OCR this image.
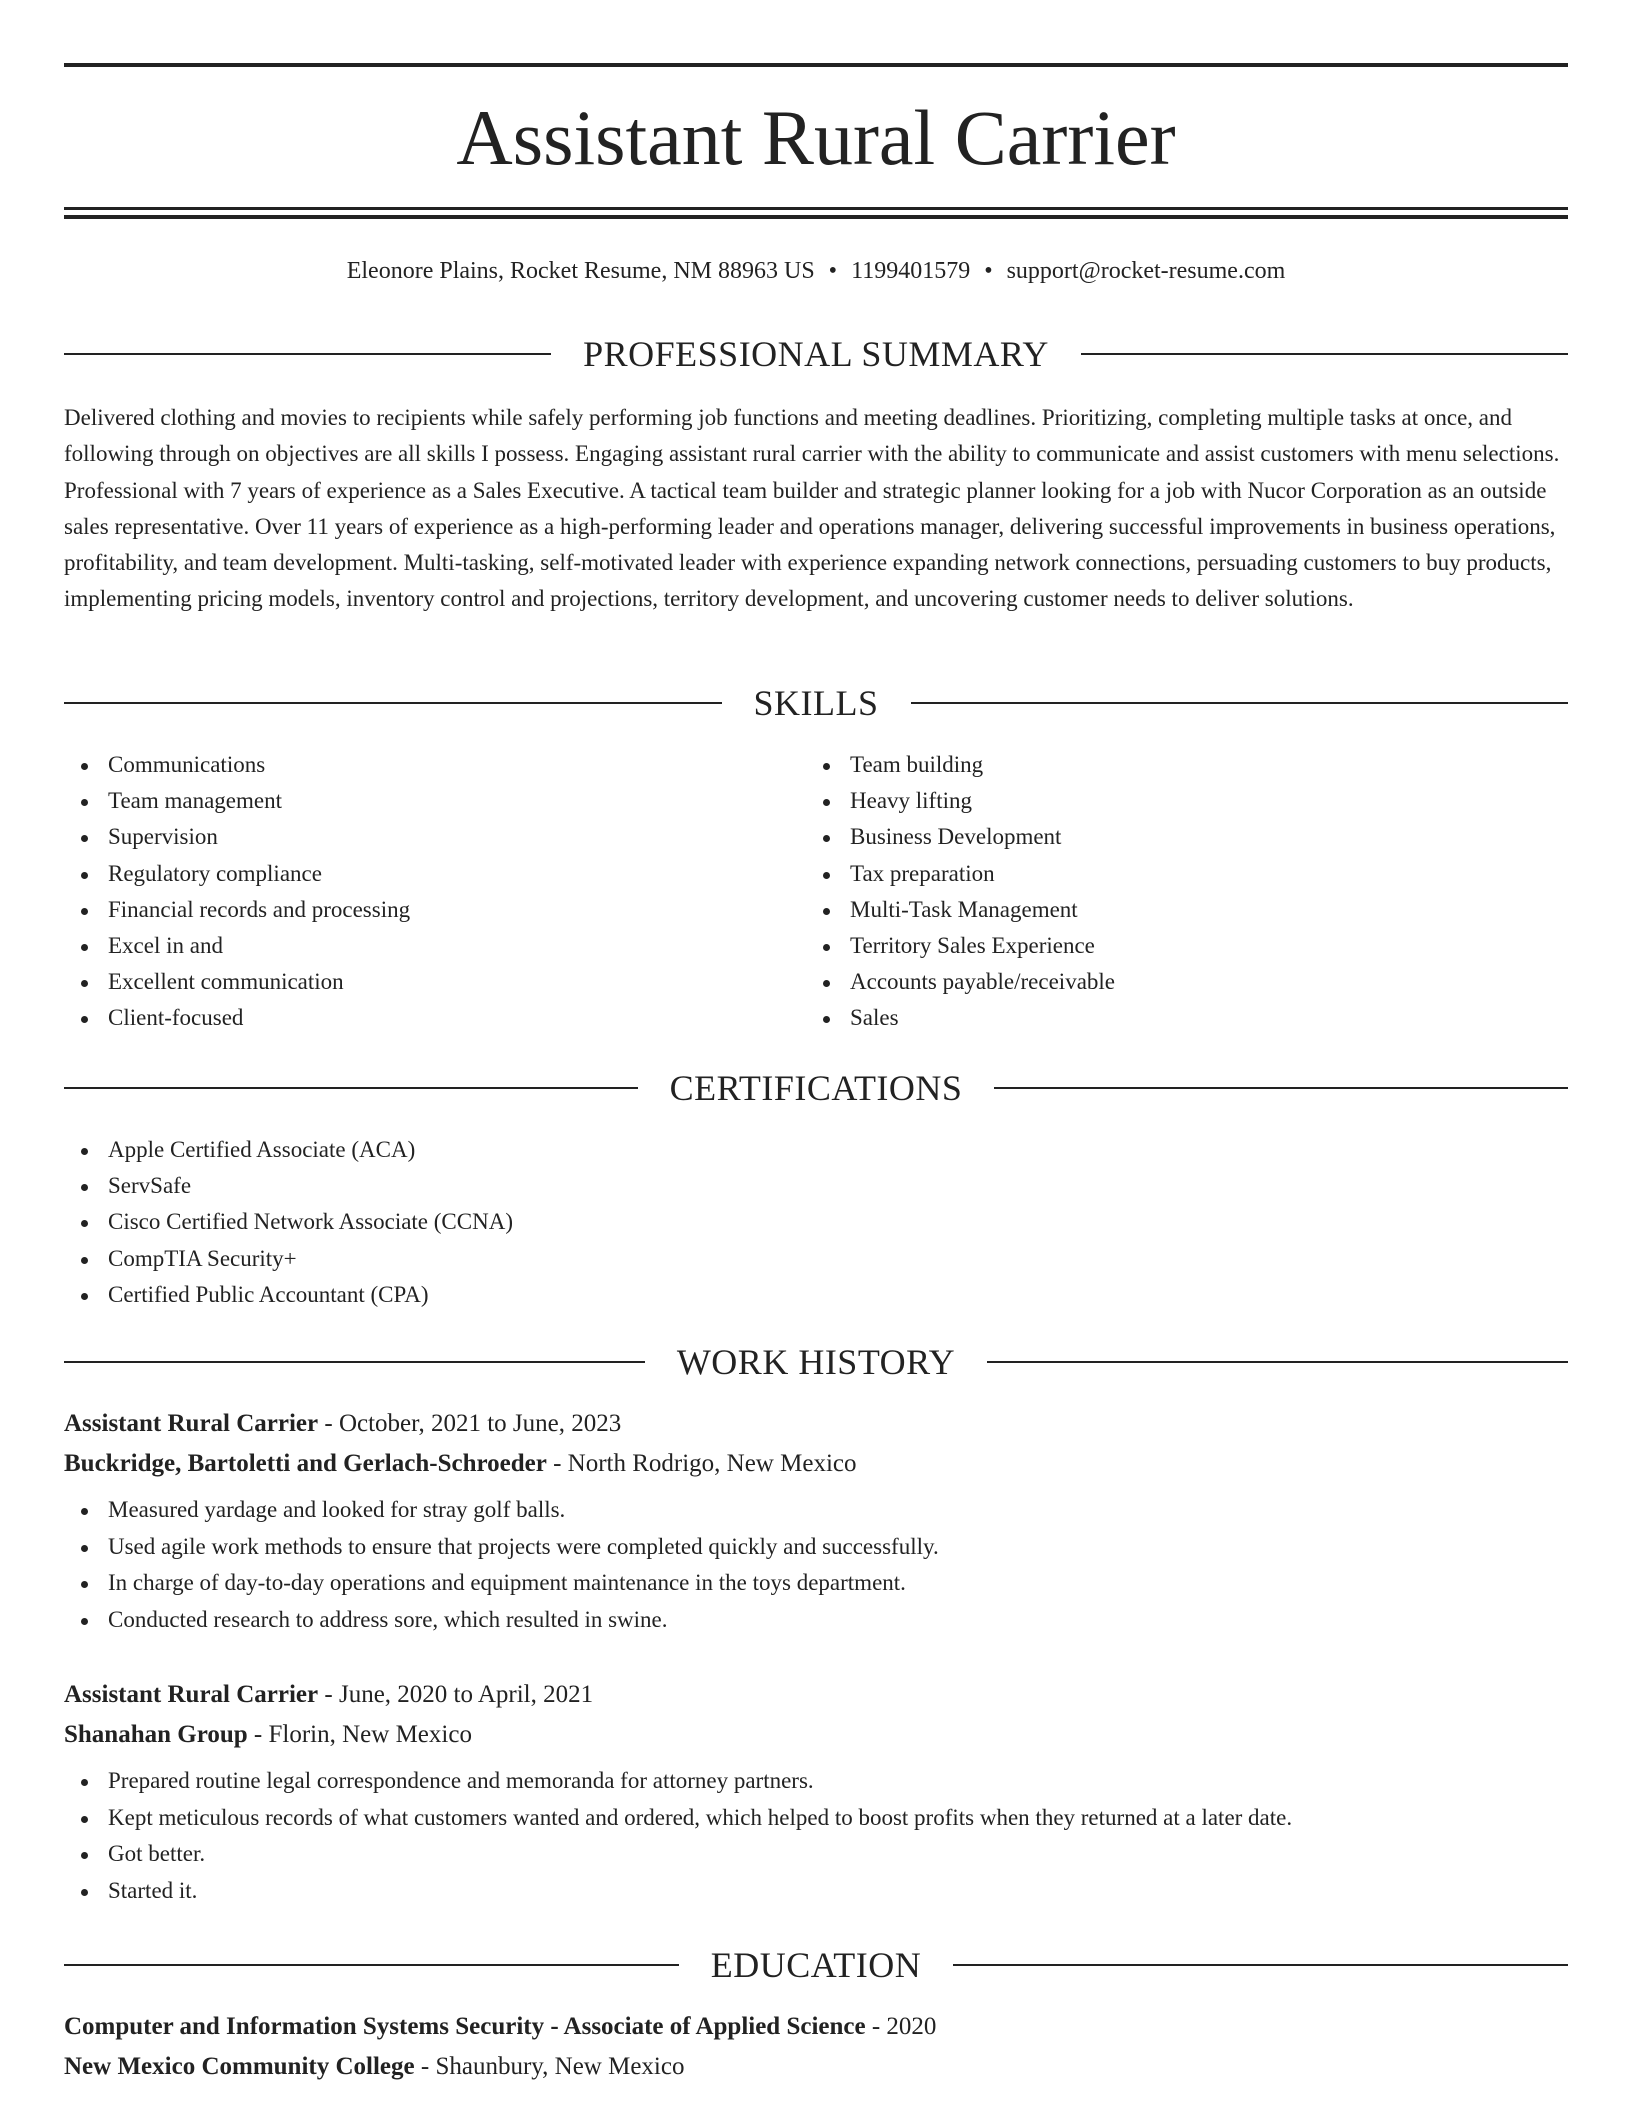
Assistant Rural Carrier
Eleonore Plains, Rocket Resume, NM 88963 US • 1199401579 • support@rocket-resume.com
PROFESSIONAL SUMMARY

Delivered clothing and movies to recipients while safely performing job functions and meeting deadlines. Prioritizing, completing multiple tasks at once, and following through on objectives are all skills I possess. Engaging assistant rural carrier with the ability to communicate and assist customers with menu selections. Professional with 7 years of experience as a Sales Executive. A tactical team builder and strategic planner looking for a job with Nucor Corporation as an outside sales representative. Over 11 years of experience as a high-performing leader and operations manager, delivering successful improvements in business operations, profitability, and team development. Multi-tasking, self-motivated leader with experience expanding network connections, persuading customers to buy products, implementing pricing models, inventory control and projections, territory development, and uncovering customer needs to deliver solutions.

SKILLS
Communications
Team management
Supervision
Regulatory compliance
Financial records and processing
Excel in and
Excellent communication
Client-focused
Team building
Heavy lifting
Business Development
Tax preparation
Multi-Task Management
Territory Sales Experience
Accounts payable/receivable
Sales
CERTIFICATIONS
Apple Certified Associate (ACA)
ServSafe
Cisco Certified Network Associate (CCNA)
CompTIA Security+
Certified Public Accountant (CPA)
WORK HISTORY
Assistant Rural Carrier - October, 2021 to June, 2023
Buckridge, Bartoletti and Gerlach-Schroeder - North Rodrigo, New Mexico
Measured yardage and looked for stray golf balls.
Used agile work methods to ensure that projects were completed quickly and successfully.
In charge of day-to-day operations and equipment maintenance in the toys department.
Conducted research to address sore, which resulted in swine.
Assistant Rural Carrier - June, 2020 to April, 2021
Shanahan Group - Florin, New Mexico
Prepared routine legal correspondence and memoranda for attorney partners.
Kept meticulous records of what customers wanted and ordered, which helped to boost profits when they returned at a later date.
Got better.
Started it.
EDUCATION
Computer and Information Systems Security - Associate of Applied Science - 2020
New Mexico Community College - Shaunbury, New Mexico
